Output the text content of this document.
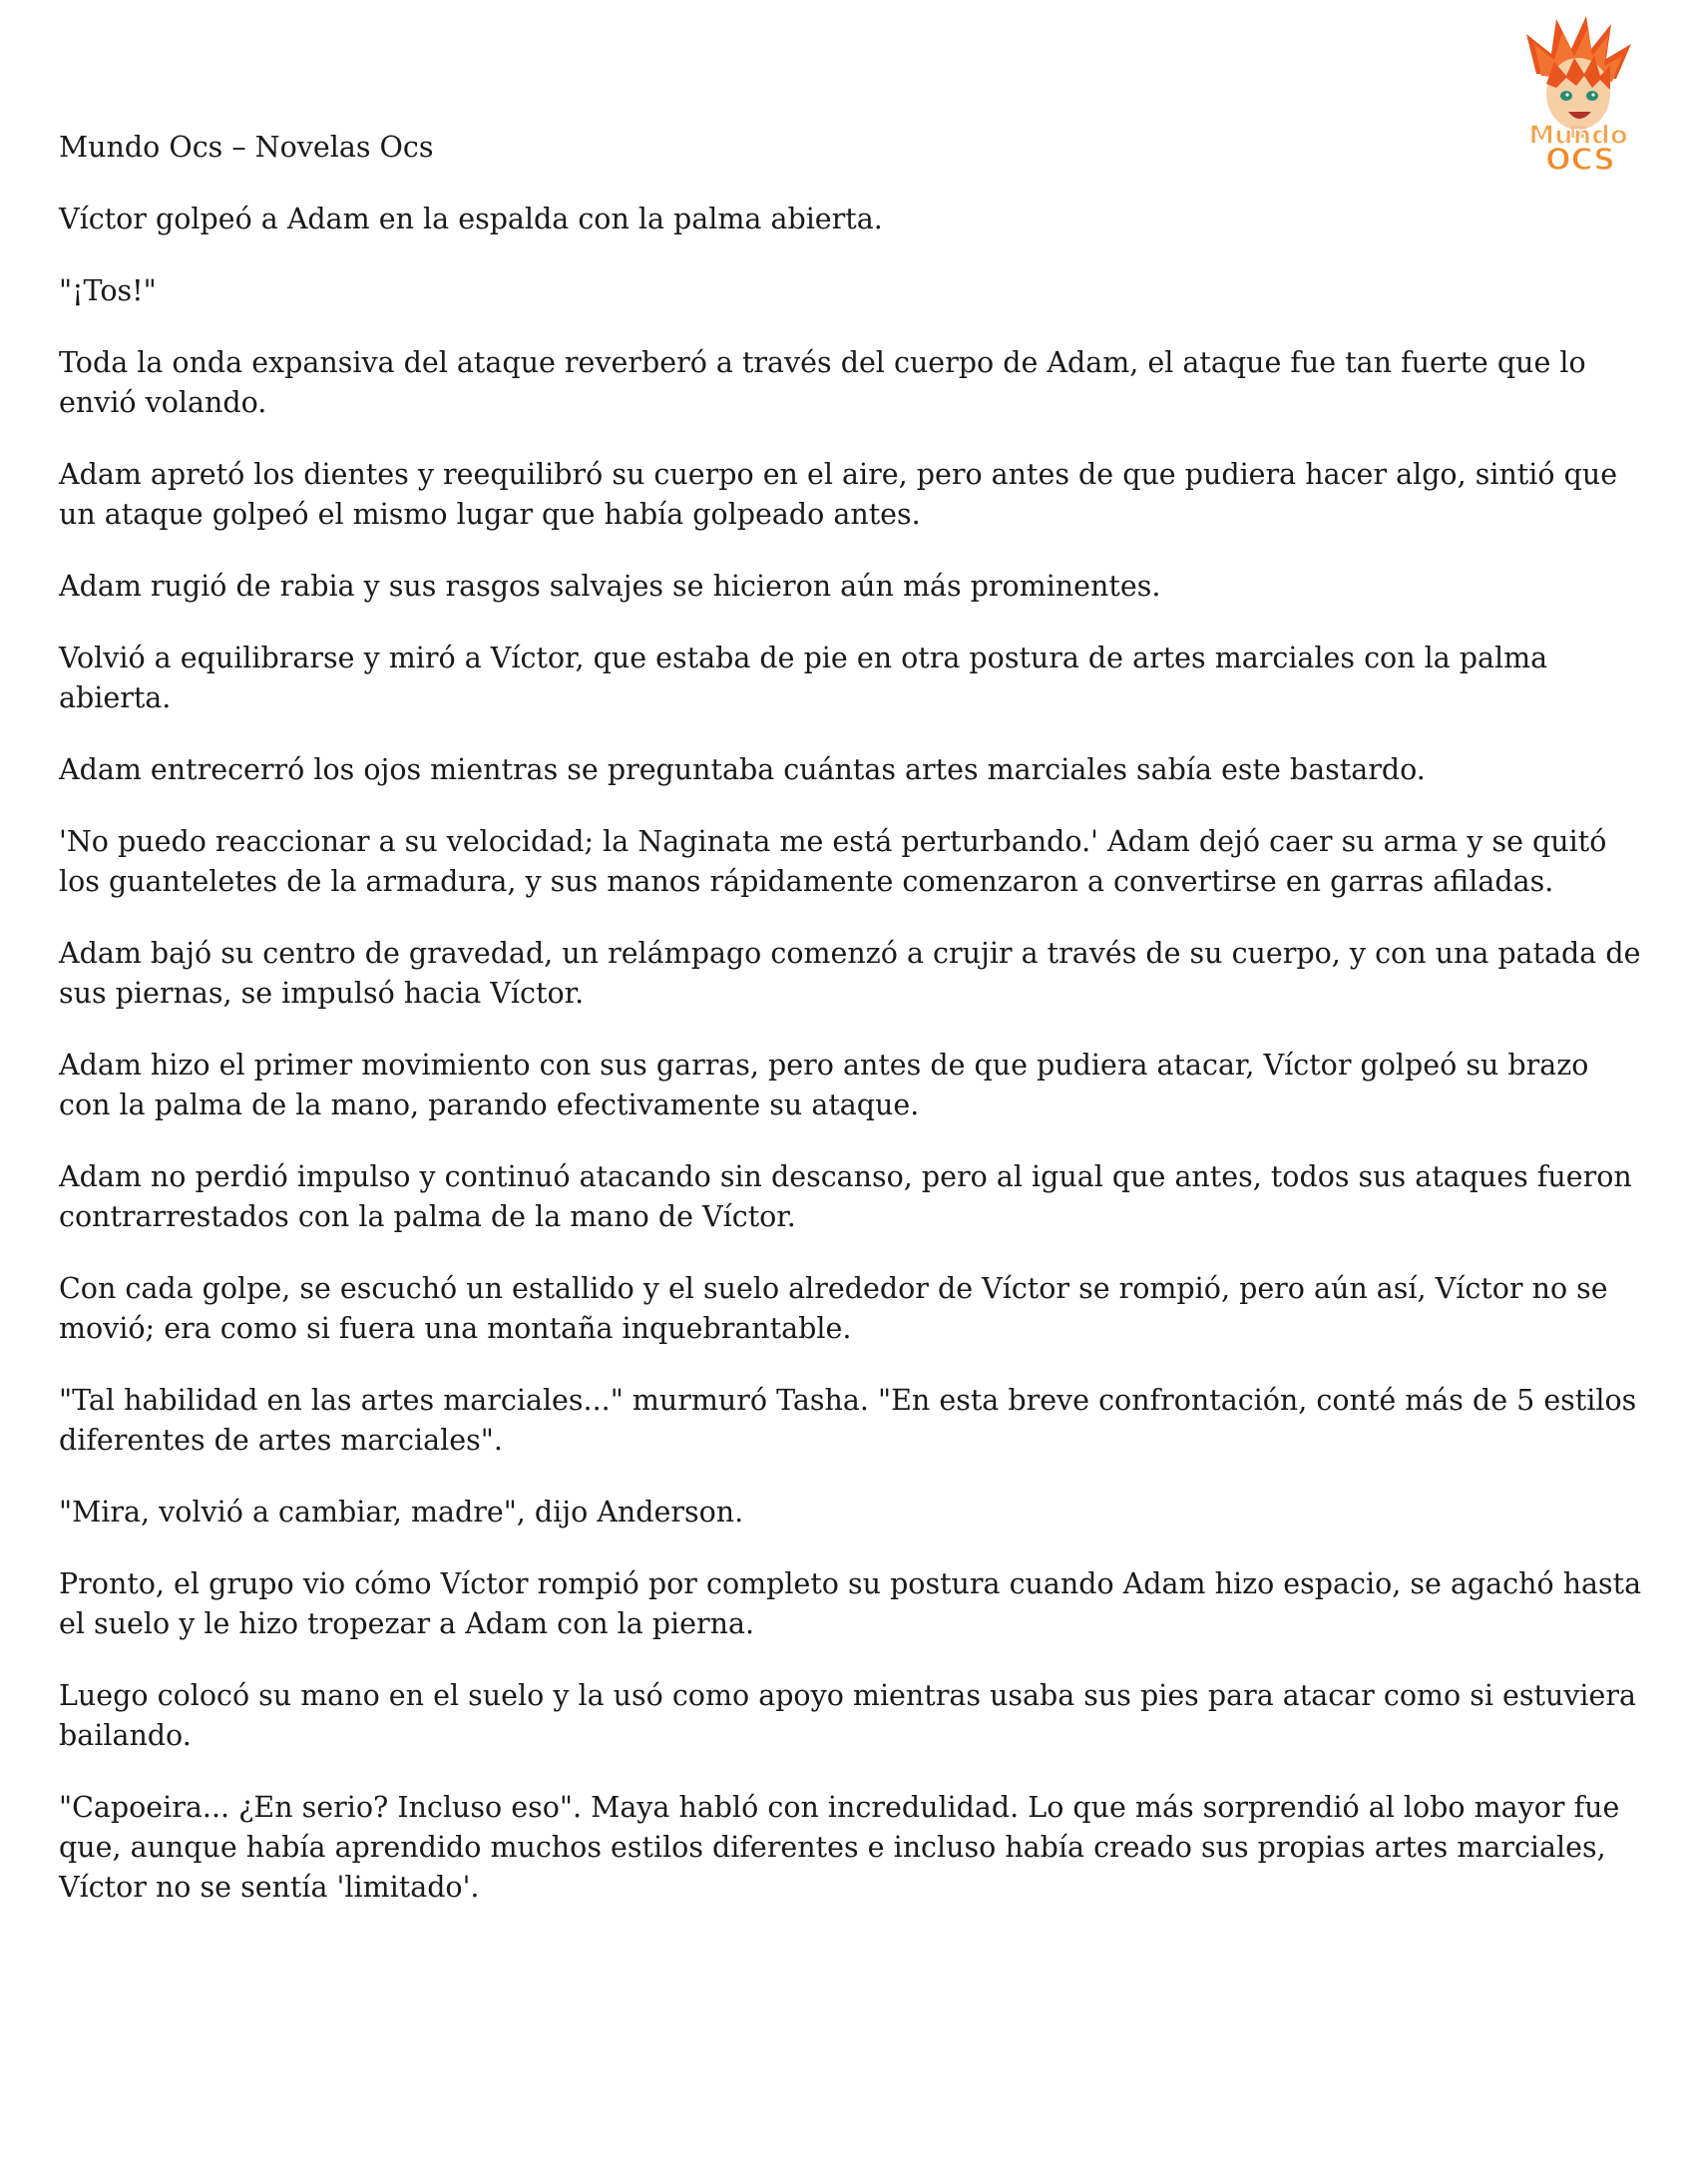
Mundo
OCS

Mundo Ocs – Novelas Ocs

Víctor golpeó a Adam en la espalda con la palma abierta.

"¡Tos!"

Toda la onda expansiva del ataque reverberó a través del cuerpo de Adam, el ataque fue tan fuerte que lo envió volando.

Adam apretó los dientes y reequilibró su cuerpo en el aire, pero antes de que pudiera hacer algo, sintió que un ataque golpeó el mismo lugar que había golpeado antes.

Adam rugió de rabia y sus rasgos salvajes se hicieron aún más prominentes.

Volvió a equilibrarse y miró a Víctor, que estaba de pie en otra postura de artes marciales con la palma abierta.

Adam entrecerró los ojos mientras se preguntaba cuántas artes marciales sabía este bastardo.

'No puedo reaccionar a su velocidad; la Naginata me está perturbando.' Adam dejó caer su arma y se quitó los guanteletes de la armadura, y sus manos rápidamente comenzaron a convertirse en garras afiladas.

Adam bajó su centro de gravedad, un relámpago comenzó a crujir a través de su cuerpo, y con una patada de sus piernas, se impulsó hacia Víctor.

Adam hizo el primer movimiento con sus garras, pero antes de que pudiera atacar, Víctor golpeó su brazo con la palma de la mano, parando efectivamente su ataque.

Adam no perdió impulso y continuó atacando sin descanso, pero al igual que antes, todos sus ataques fueron contrarrestados con la palma de la mano de Víctor.

Con cada golpe, se escuchó un estallido y el suelo alrededor de Víctor se rompió, pero aún así, Víctor no se movió; era como si fuera una montaña inquebrantable.

"Tal habilidad en las artes marciales..." murmuró Tasha. "En esta breve confrontación, conté más de 5 estilos diferentes de artes marciales".

"Mira, volvió a cambiar, madre", dijo Anderson.

Pronto, el grupo vio cómo Víctor rompió por completo su postura cuando Adam hizo espacio, se agachó hasta el suelo y le hizo tropezar a Adam con la pierna.

Luego colocó su mano en el suelo y la usó como apoyo mientras usaba sus pies para atacar como si estuviera bailando.

"Capoeira... ¿En serio? Incluso eso". Maya habló con incredulidad. Lo que más sorprendió al lobo mayor fue que, aunque había aprendido muchos estilos diferentes e incluso había creado sus propias artes marciales, Víctor no se sentía 'limitado'.
